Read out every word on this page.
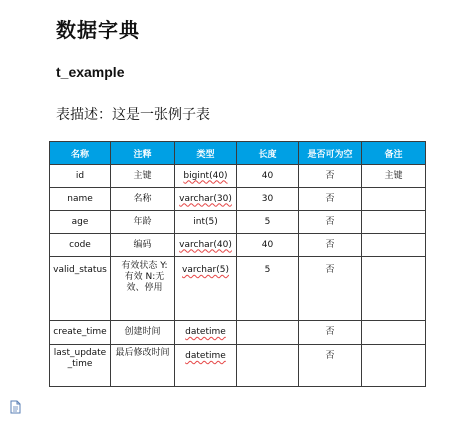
数据字典
t_example
表描述：这是一张例子表
名称	注释	类型	长度	是否可为空	备注
id	主键	bigint(40)	40	否	主键
name	名称	varchar(30)	30	否	
age	年龄	int(5)	5	否	
code	编码	varchar(40)	40	否	
valid_status	有效状态 Y:有效 N:无效、停用	varchar(5)	5	否	
create_time	创建时间	datetime		否	
last_update_time	最后修改时间	datetime		否	
